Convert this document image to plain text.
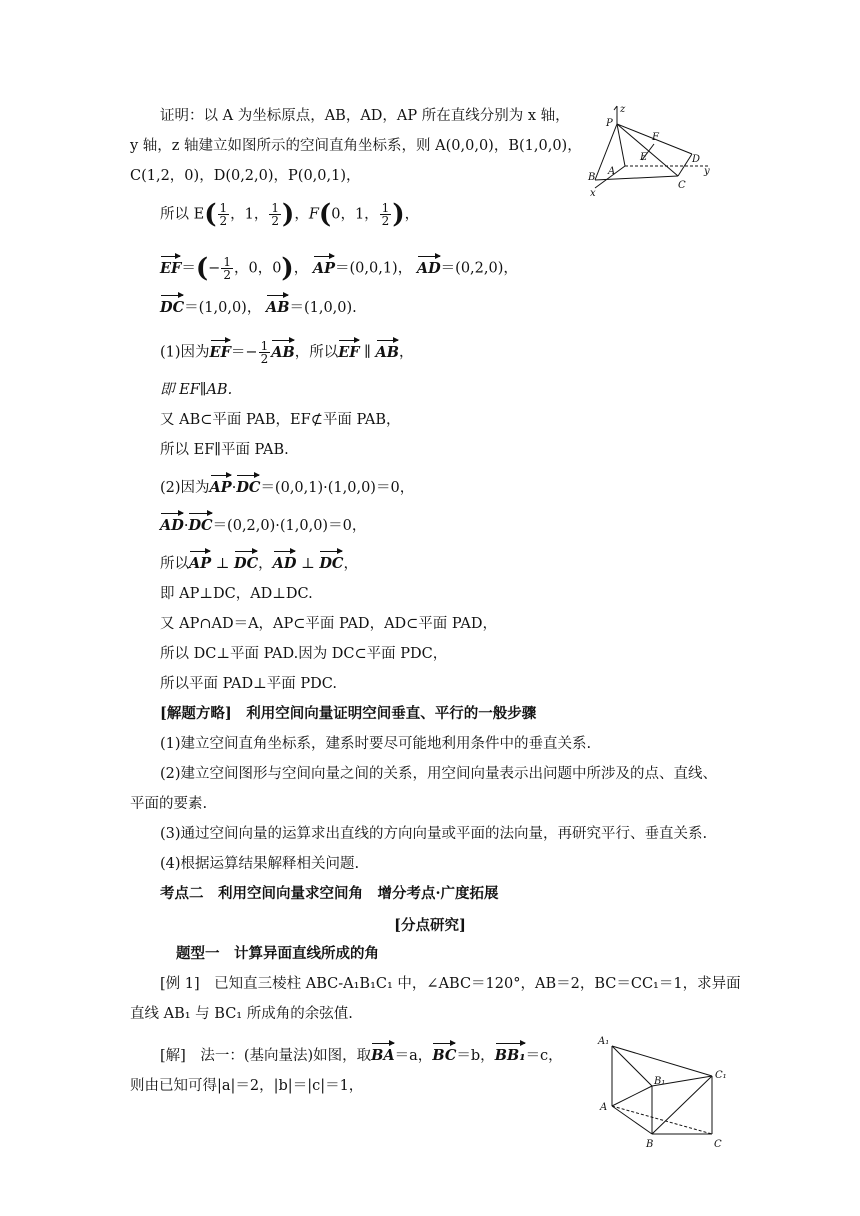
证明：以 A 为坐标原点，AB，AD，AP 所在直线分别为 x 轴，
y 轴，z 轴建立如图所示的空间直角坐标系，则 A(0,0,0)，B(1,0,0)，
C(1,2，0)，D(0,2,0)，P(0,0,1)，
所以 $E( \frac{1}{2}$ ，1， $\frac{1}{2}$ )，F(0，1， $\frac{1}{2}$ )，
$EF=(- \frac{1}{2}$ ，0，0)， AP＝(0,0,1)， AD＝(0,2,0)，
DC＝(1,0,0)， AB＝(1,0,0).
(1)因为$EF=- \frac{1}{2}$ AB，所以EF ∥ AB，
即 EF∥AB.
又 AB⊂平面 PAB，EF⊄平面 PAB，
所以 EF∥平面 PAB.
(2)因为AP·DC＝(0,0,1)·(1,0,0)＝0，
AD·DC＝(0,2,0)·(1,0,0)＝0，
所以AP ⊥ DC，AD ⊥ DC，
即 AP⊥DC，AD⊥DC.
又 AP∩AD＝A，AP⊂平面 PAD，AD⊂平面 PAD，
所以 DC⊥平面 PAD.因为 DC⊂平面 PDC，
所以平面 PAD⊥平面 PDC.
[解题方略]　利用空间向量证明空间垂直、平行的一般步骤
(1)建立空间直角坐标系，建系时要尽可能地利用条件中的垂直关系.
(2)建立空间图形与空间向量之间的关系，用空间向量表示出问题中所涉及的点、直线、
平面的要素.
(3)通过空间向量的运算求出直线的方向向量或平面的法向量，再研究平行、垂直关系.
(4)根据运算结果解释相关问题.
考点二　利用空间向量求空间角　增分考点·广度拓展
[分点研究]
题型一　计算异面直线所成的角
[例 1]　已知直三棱柱 ABC-A₁B₁C₁ 中，∠ABC＝120°，AB＝2，BC＝CC₁＝1，求异面
直线 AB₁ 与 BC₁ 所成角的余弦值.
[解]　法一：(基向量法)如图，取BA＝a，BC＝b，BB₁＝c，
则由已知可得|a|＝2，|b|＝|c|＝1，
z
P
F
E	D
y
B
A
C
x
A₁
B₁
C₁
A
B	C
